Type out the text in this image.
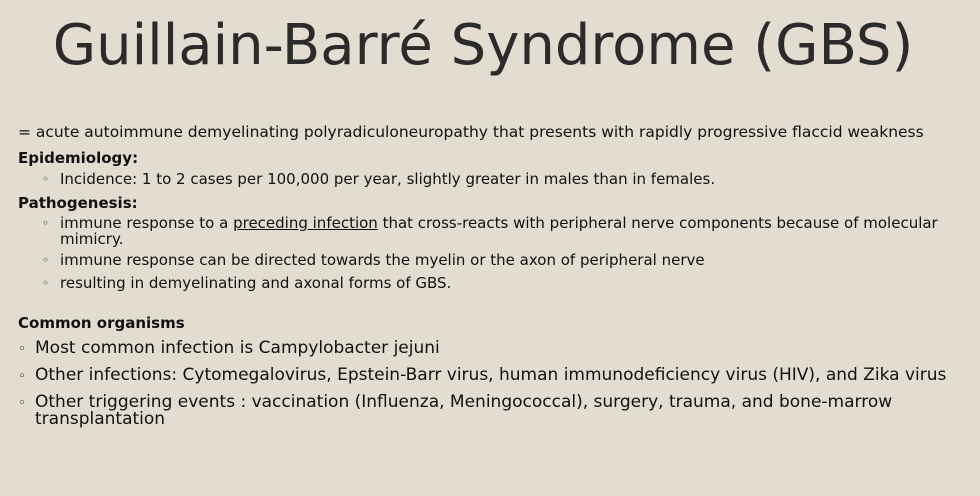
Guillain-Barré Syndrome (GBS)

= acute autoimmune demyelinating polyradiculoneuropathy that presents with rapidly progressive flaccid weakness

Epidemiology:
◦ Incidence: 1 to 2 cases per 100,000 per year, slightly greater in males than in females.
Pathogenesis:
◦ immune response to a preceding infection that cross-reacts with peripheral nerve components because of molecular mimicry.
◦ immune response can be directed towards the myelin or the axon of peripheral nerve
◦ resulting in demyelinating and axonal forms of GBS.
Common organisms
◦ Most common infection is Campylobacter jejuni
◦ Other infections: Cytomegalovirus, Epstein-Barr virus, human immunodeficiency virus (HIV), and Zika virus
◦ Other triggering events : vaccination (Influenza, Meningococcal), surgery, trauma, and bone-marrow transplantation
